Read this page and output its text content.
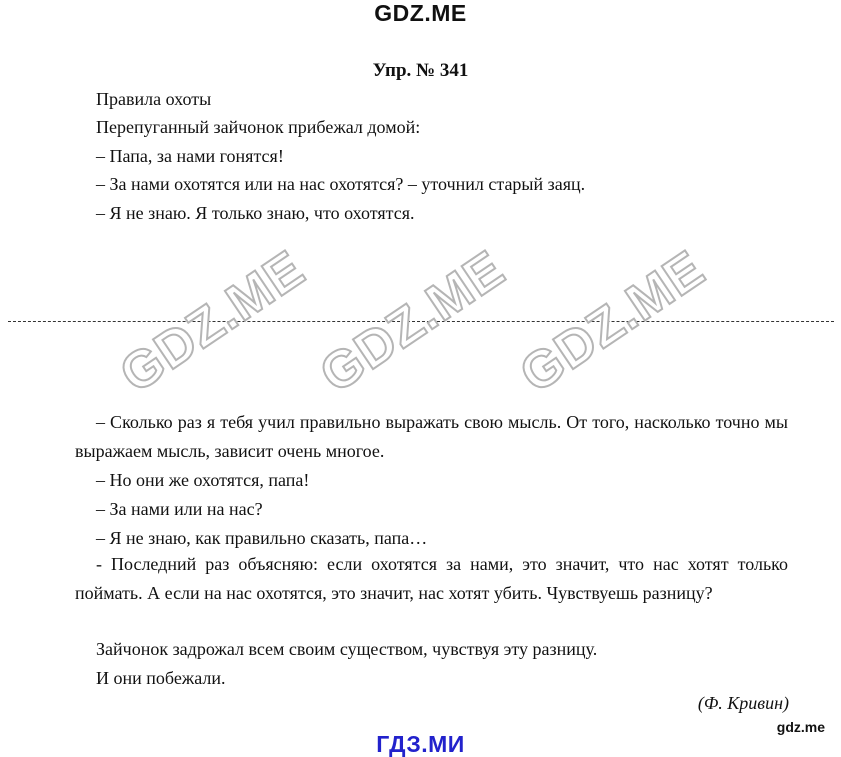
GDZ.ME
Упр. № 341
Правила охоты
Перепуганный зайчонок прибежал домой:
– Папа, за нами гонятся!
– За нами охотятся или на нас охотятся? – уточнил старый заяц.
– Я не знаю. Я только знаю, что охотятся.
GDZ.ME
GDZ.ME
GDZ.ME
– Сколько раз я тебя учил правильно выражать свою мысль. От того, насколько точно мы выражаем мысль, зависит очень многое.
– Но они же охотятся, папа!
– За нами или на нас?
– Я не знаю, как правильно сказать, папа…
- Последний раз объясняю: если охотятся за нами, это значит, что нас хотят только поймать. А если на нас охотятся, это значит, нас хотят убить. Чувствуешь разницу?
Зайчонок задрожал всем своим существом, чувствуя эту разницу.
И они побежали.
(Ф. Кривин)
gdz.me
ГДЗ.МИ
